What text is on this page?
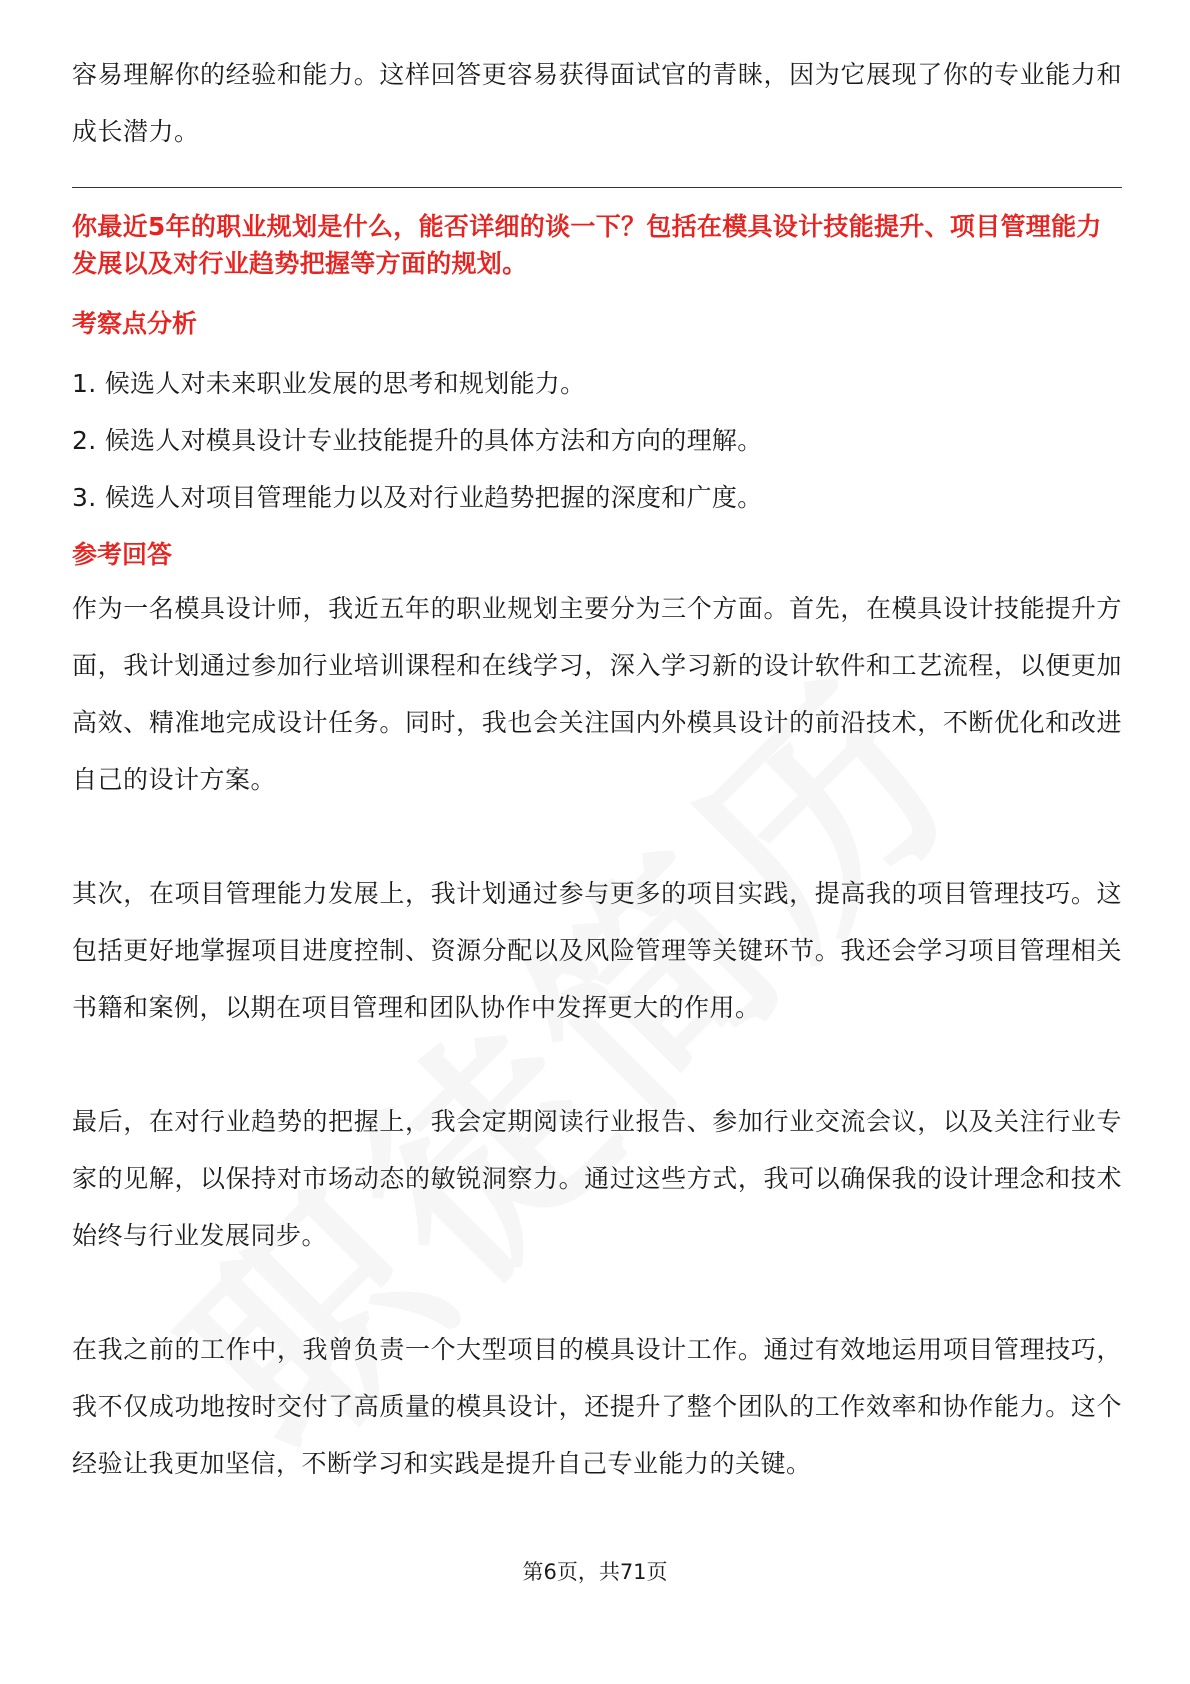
容易理解你的经验和能力。这样回答更容易获得面试官的青睐，因为它展现了你的专业能力和成长潜力。

你最近5年的职业规划是什么，能否详细的谈一下？包括在模具设计技能提升、项目管理能力发展以及对行业趋势把握等方面的规划。

考察点分析
1. 候选人对未来职业发展的思考和规划能力。
2. 候选人对模具设计专业技能提升的具体方法和方向的理解。
3. 候选人对项目管理能力以及对行业趋势把握的深度和广度。
参考回答

作为一名模具设计师，我近五年的职业规划主要分为三个方面。首先，在模具设计技能提升方面，我计划通过参加行业培训课程和在线学习，深入学习新的设计软件和工艺流程，以便更加高效、精准地完成设计任务。同时，我也会关注国内外模具设计的前沿技术，不断优化和改进自己的设计方案。

其次，在项目管理能力发展上，我计划通过参与更多的项目实践，提高我的项目管理技巧。这包括更好地掌握项目进度控制、资源分配以及风险管理等关键环节。我还会学习项目管理相关书籍和案例，以期在项目管理和团队协作中发挥更大的作用。

最后，在对行业趋势的把握上，我会定期阅读行业报告、参加行业交流会议，以及关注行业专家的见解，以保持对市场动态的敏锐洞察力。通过这些方式，我可以确保我的设计理念和技术始终与行业发展同步。

在我之前的工作中，我曾负责一个大型项目的模具设计工作。通过有效地运用项目管理技巧，我不仅成功地按时交付了高质量的模具设计，还提升了整个团队的工作效率和协作能力。这个经验让我更加坚信，不断学习和实践是提升自己专业能力的关键。

第6页，共71页
